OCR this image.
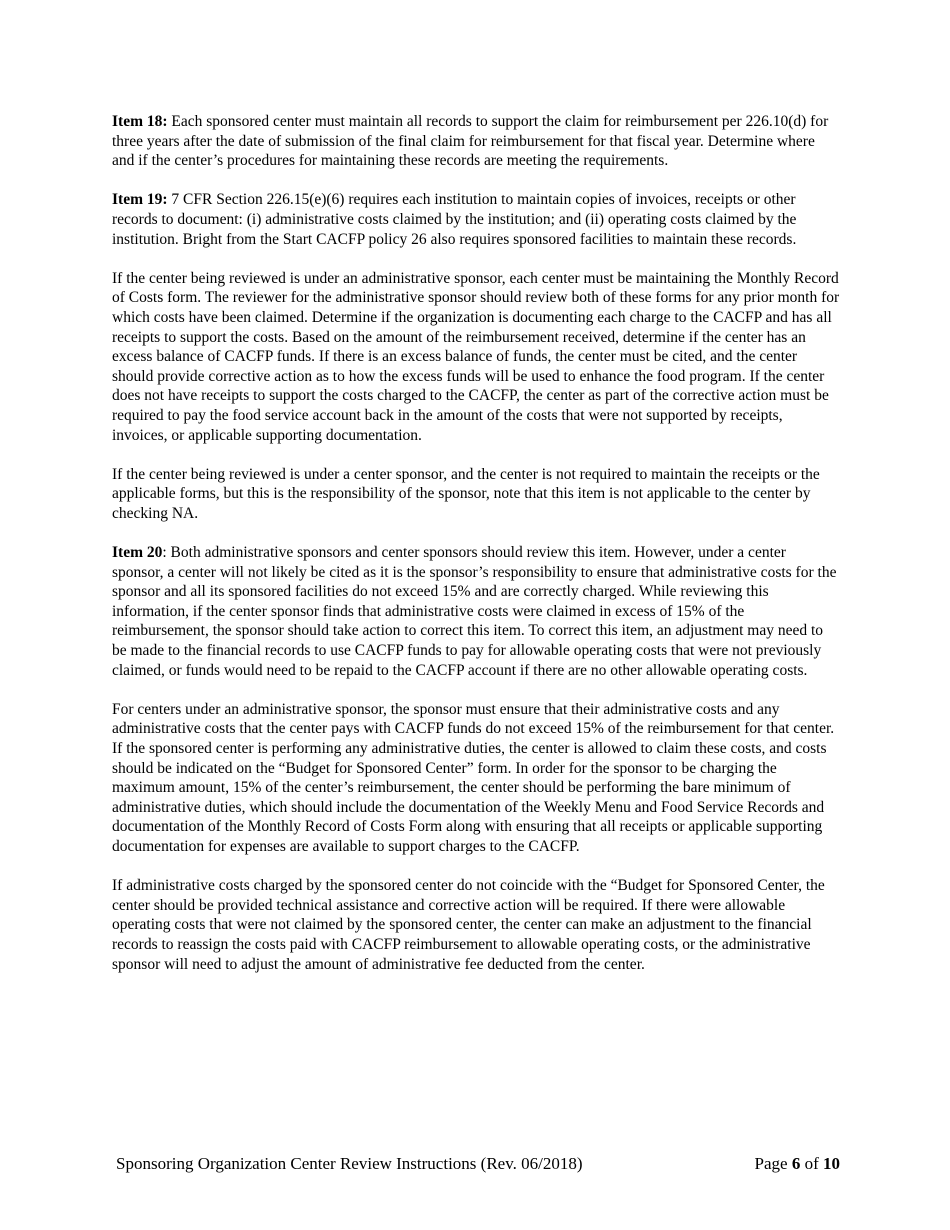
Item 18: Each sponsored center must maintain all records to support the claim for reimbursement per 226.10(d) for three years after the date of submission of the final claim for reimbursement for that fiscal year. Determine where and if the center’s procedures for maintaining these records are meeting the requirements.

Item 19: 7 CFR Section 226.15(e)(6) requires each institution to maintain copies of invoices, receipts or other records to document: (i) administrative costs claimed by the institution; and (ii) operating costs claimed by the institution. Bright from the Start CACFP policy 26 also requires sponsored facilities to maintain these records.

If the center being reviewed is under an administrative sponsor, each center must be maintaining the Monthly Record of Costs form. The reviewer for the administrative sponsor should review both of these forms for any prior month for which costs have been claimed. Determine if the organization is documenting each charge to the CACFP and has all receipts to support the costs. Based on the amount of the reimbursement received, determine if the center has an excess balance of CACFP funds. If there is an excess balance of funds, the center must be cited, and the center should provide corrective action as to how the excess funds will be used to enhance the food program. If the center does not have receipts to support the costs charged to the CACFP, the center as part of the corrective action must be required to pay the food service account back in the amount of the costs that were not supported by receipts, invoices, or applicable supporting documentation.

If the center being reviewed is under a center sponsor, and the center is not required to maintain the receipts or the applicable forms, but this is the responsibility of the sponsor, note that this item is not applicable to the center by checking NA.

Item 20: Both administrative sponsors and center sponsors should review this item. However, under a center sponsor, a center will not likely be cited as it is the sponsor’s responsibility to ensure that administrative costs for the sponsor and all its sponsored facilities do not exceed 15% and are correctly charged. While reviewing this information, if the center sponsor finds that administrative costs were claimed in excess of 15% of the reimbursement, the sponsor should take action to correct this item. To correct this item, an adjustment may need to be made to the financial records to use CACFP funds to pay for allowable operating costs that were not previously claimed, or funds would need to be repaid to the CACFP account if there are no other allowable operating costs.

For centers under an administrative sponsor, the sponsor must ensure that their administrative costs and any administrative costs that the center pays with CACFP funds do not exceed 15% of the reimbursement for that center. If the sponsored center is performing any administrative duties, the center is allowed to claim these costs, and costs should be indicated on the “Budget for Sponsored Center” form. In order for the sponsor to be charging the maximum amount, 15% of the center’s reimbursement, the center should be performing the bare minimum of administrative duties, which should include the documentation of the Weekly Menu and Food Service Records and documentation of the Monthly Record of Costs Form along with ensuring that all receipts or applicable supporting documentation for expenses are available to support charges to the CACFP.

If administrative costs charged by the sponsored center do not coincide with the “Budget for Sponsored Center, the center should be provided technical assistance and corrective action will be required. If there were allowable operating costs that were not claimed by the sponsored center, the center can make an adjustment to the financial records to reassign the costs paid with CACFP reimbursement to allowable operating costs, or the administrative sponsor will need to adjust the amount of administrative fee deducted from the center.

Sponsoring Organization Center Review Instructions (Rev. 06/2018)	Page 6 of 10
